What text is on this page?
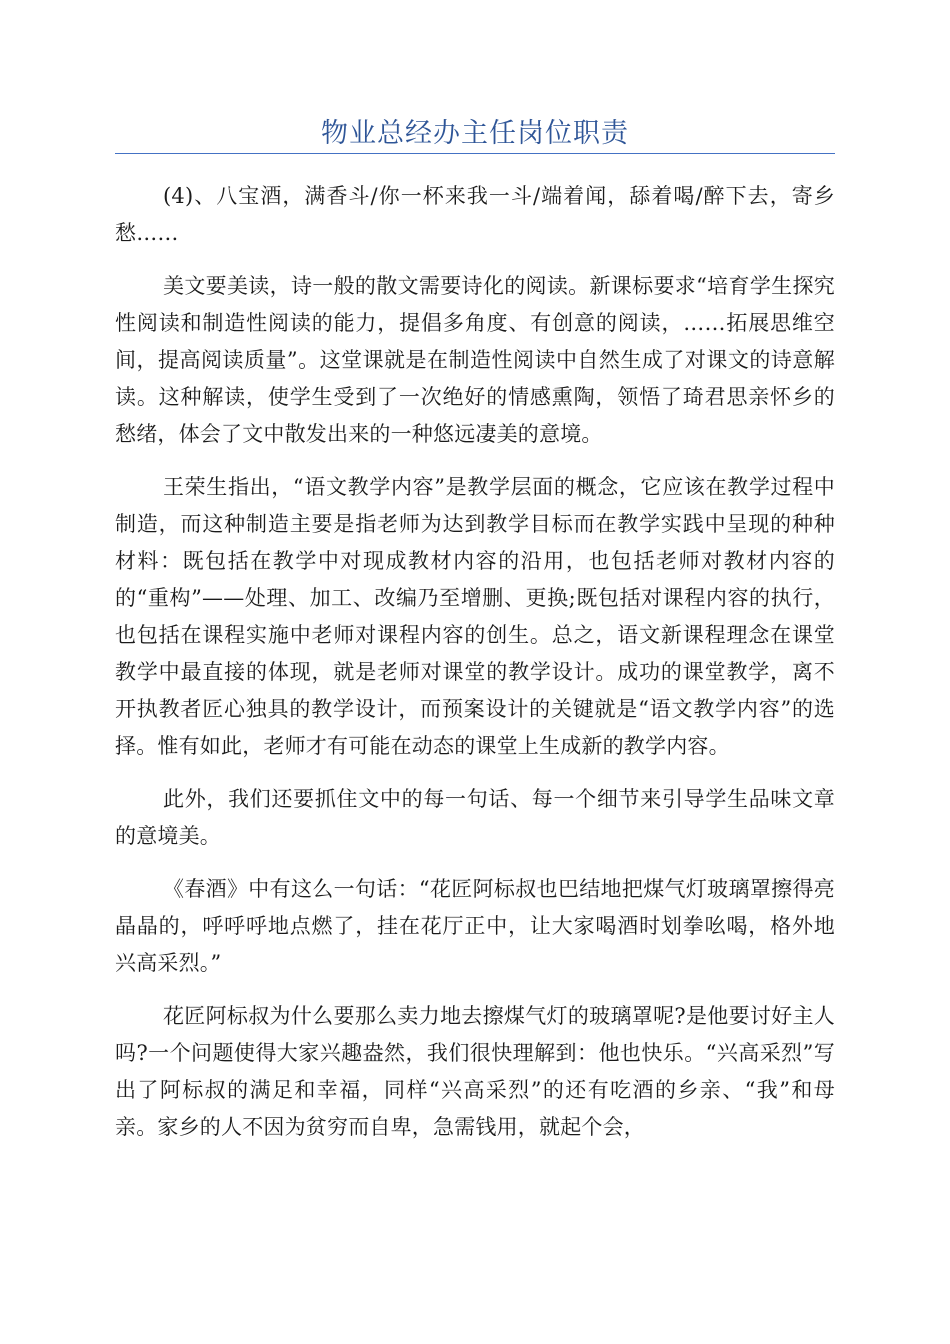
物业总经办主任岗位职责

(4)、八宝酒，满香斗/你一杯来我一斗/端着闻，舔着喝/醉下去，寄乡愁……

美文要美读，诗一般的散文需要诗化的阅读。新课标要求“培育学生探究性阅读和制造性阅读的能力，提倡多角度、有创意的阅读，……拓展思维空间，提高阅读质量”。这堂课就是在制造性阅读中自然生成了对课文的诗意解读。这种解读，使学生受到了一次绝好的情感熏陶，领悟了琦君思亲怀乡的愁绪，体会了文中散发出来的一种悠远凄美的意境。

王荣生指出，“语文教学内容”是教学层面的概念，它应该在教学过程中制造，而这种制造主要是指老师为达到教学目标而在教学实践中呈现的种种材料：既包括在教学中对现成教材内容的沿用，也包括老师对教材内容的的“重构”——处理、加工、改编乃至增删、更换;既包括对课程内容的执行，也包括在课程实施中老师对课程内容的创生。总之，语文新课程理念在课堂教学中最直接的体现，就是老师对课堂的教学设计。成功的课堂教学，离不开执教者匠心独具的教学设计，而预案设计的关键就是“语文教学内容”的选择。惟有如此，老师才有可能在动态的课堂上生成新的教学内容。

此外，我们还要抓住文中的每一句话、每一个细节来引导学生品味文章的意境美。

《春酒》中有这么一句话：“花匠阿标叔也巴结地把煤气灯玻璃罩擦得亮晶晶的，呼呼呼地点燃了，挂在花厅正中，让大家喝酒时划拳吆喝，格外地兴高采烈。”

花匠阿标叔为什么要那么卖力地去擦煤气灯的玻璃罩呢?是他要讨好主人吗?一个问题使得大家兴趣盎然，我们很快理解到：他也快乐。“兴高采烈”写出了阿标叔的满足和幸福，同样“兴高采烈”的还有吃酒的乡亲、“我”和母亲。家乡的人不因为贫穷而自卑，急需钱用，就起个会，
